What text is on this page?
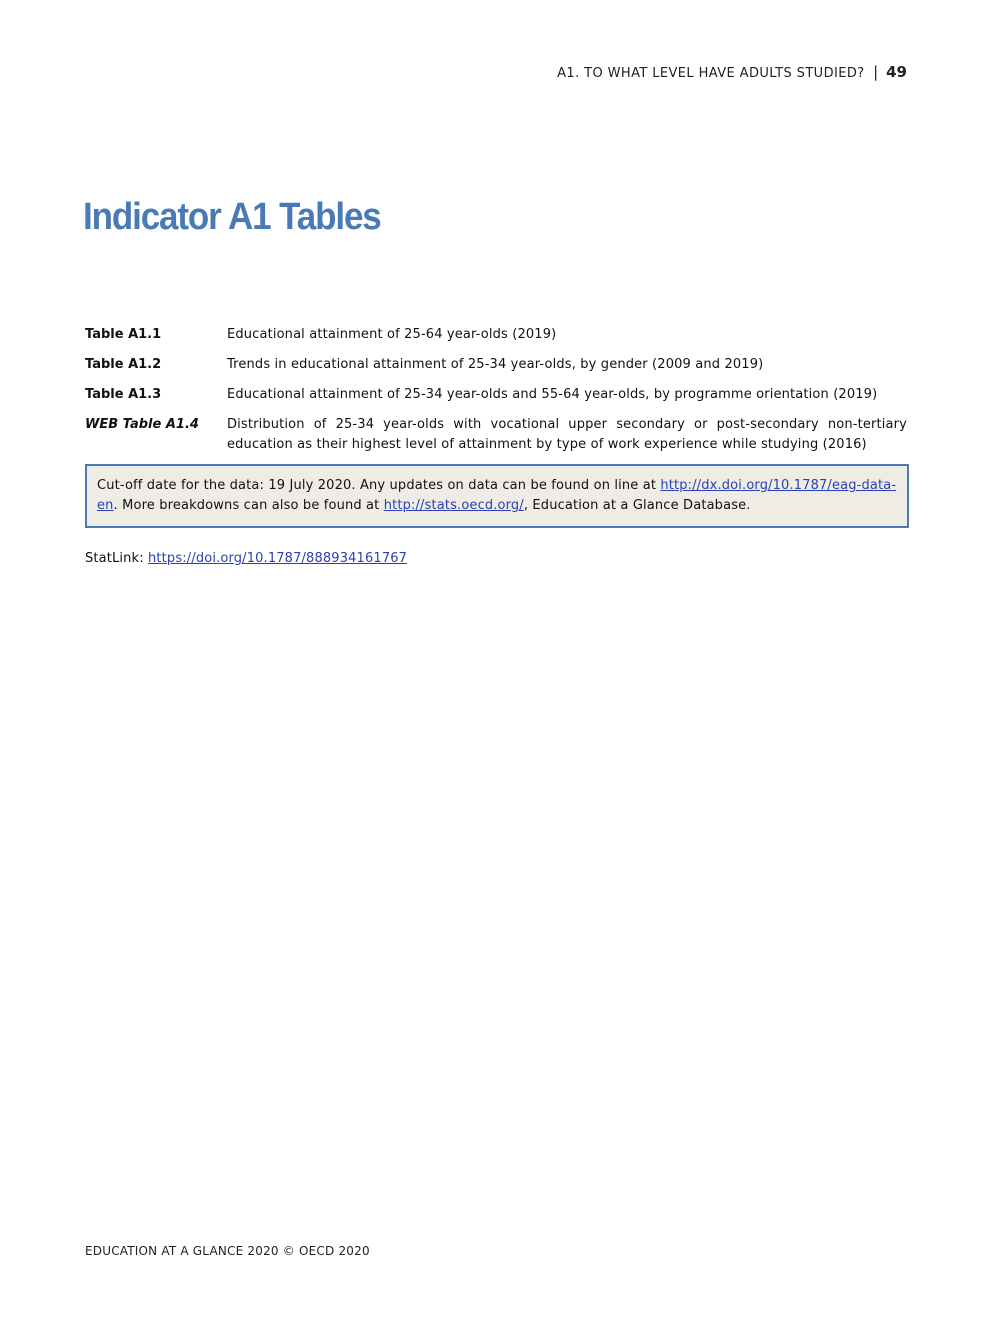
A1. TO WHAT LEVEL HAVE ADULTS STUDIED? | 49
Indicator A1 Tables
Table A1.1	Educational attainment of 25-64 year-olds (2019)
Table A1.2	Trends in educational attainment of 25-34 year-olds, by gender (2009 and 2019)
Table A1.3	Educational attainment of 25-34 year-olds and 55-64 year-olds, by programme orientation (2019)
WEB Table A1.4	Distribution of 25-34 year-olds with vocational upper secondary or post-secondary non-tertiary education as their highest level of attainment by type of work experience while studying (2016)
Cut-off date for the data: 19 July 2020. Any updates on data can be found on line at http://dx.doi.org/10.1787/eag-data-en. More breakdowns can also be found at http://stats.oecd.org/, Education at a Glance Database.
StatLink: https://doi.org/10.1787/888934161767
EDUCATION AT A GLANCE 2020 © OECD 2020
